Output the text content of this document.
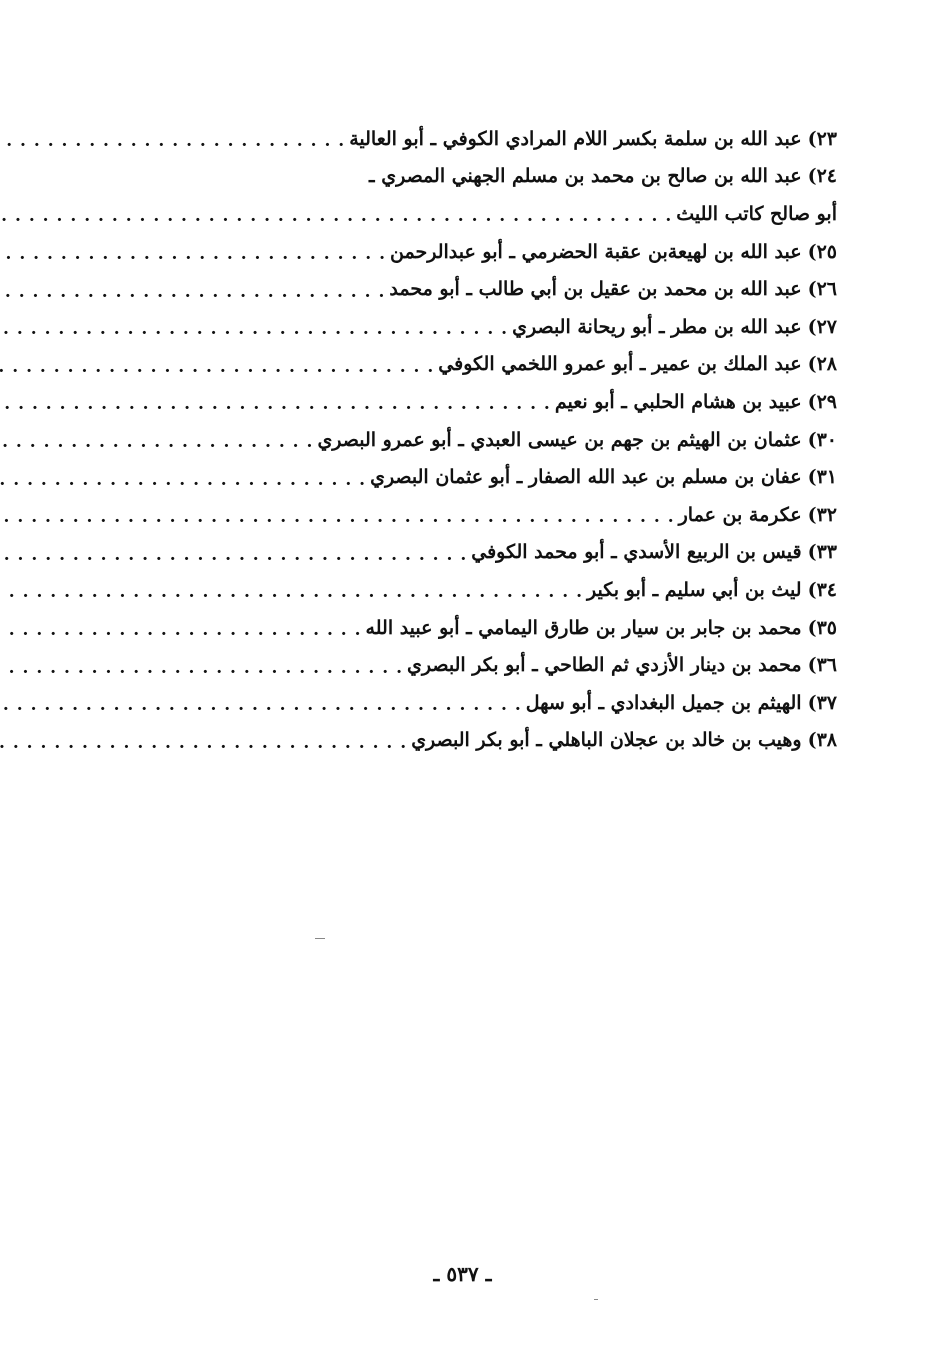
٢٣)
عبد الله بن سلمة بكسر اللام المرادي الكوفي ـ أبو العالية
. . .
٢٤)
عبد الله بن صالح بن محمد بن مسلم الجهني المصري ـ
أبو صالح كاتب الليث
. . .
٢٥)
عبد الله بن لهيعةبن عقبة الحضرمي ـ أبو عبدالرحمن
. . .
٢٦)
عبد الله بن محمد بن عقيل بن أبي طالب ـ أبو محمد
. . .
٢٧)
عبد الله بن مطر ـ أبو ريحانة البصري
. . .
٢٨)
عبد الملك بن عمير ـ أبو عمرو اللخمي الكوفي
. . .
٢٩)
عبيد بن هشام الحلبي ـ أبو نعيم
. . .
٣٠)
عثمان بن الهيثم بن جهم بن عيسى العبدي ـ أبو عمرو البصري
. . .
٣١)
عفان بن مسلم بن عبد الله الصفار ـ أبو عثمان البصري
. . .
٣٢)
عكرمة بن عمار
. . .
٣٣)
قيس بن الربيع الأسدي ـ أبو محمد الكوفي
. . .
٣٤)
ليث بن أبي سليم ـ أبو بكير
. . .
٣٥)
محمد بن جابر بن سيار بن طارق اليمامي ـ أبو عبيد الله
. . .
٣٦)
محمد بن دينار الأزدي ثم الطاحي ـ أبو بكر البصري
. . .
٣٧)
الهيثم بن جميل البغدادي ـ أبو سهل
. . .
٣٨)
وهيب بن خالد بن عجلان الباهلي ـ أبو بكر البصري
. . .
ـ ٥٣٧ ـ
